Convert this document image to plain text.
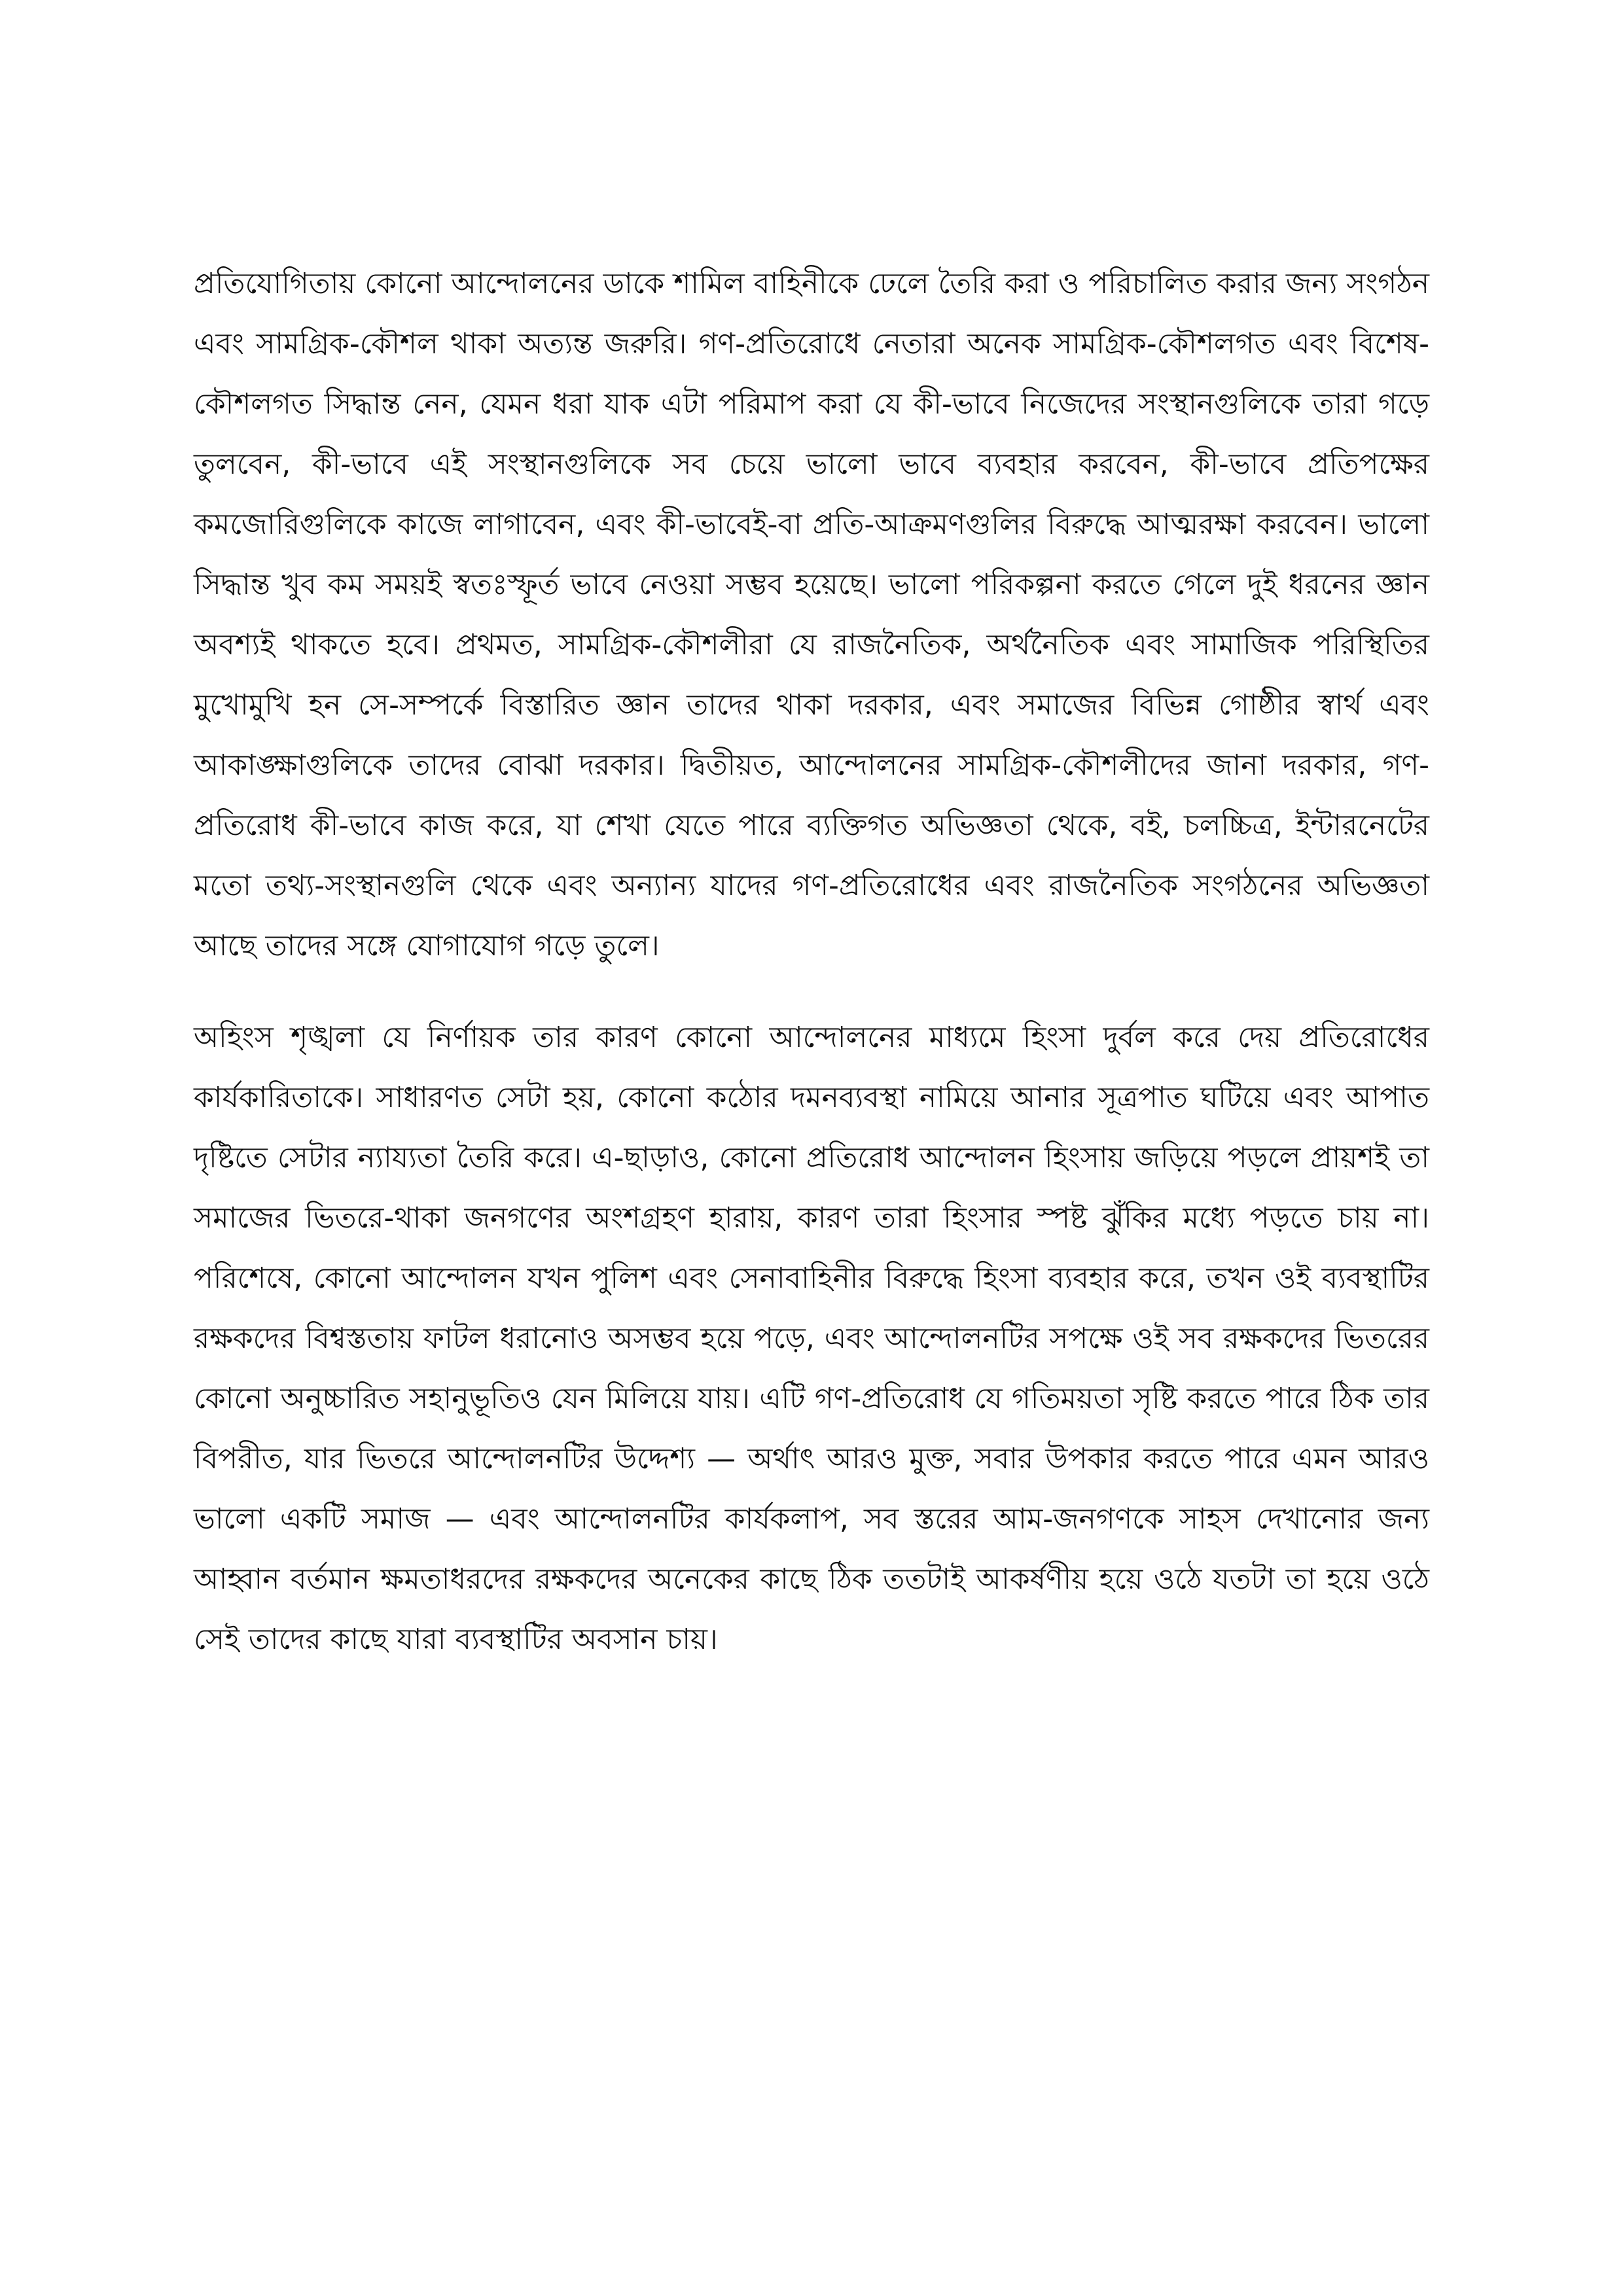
প্রতিযোগিতায় কোনো আন্দোলনের ডাকে শামিল বাহিনীকে ঢেলে তৈরি করা ও পরিচালিত করার জন্য সংগঠন এবং সামগ্রিক-কৌশল থাকা অত্যন্ত জরুরি। গণ-প্রতিরোধে নেতারা অনেক সামগ্রিক-কৌশলগত এবং বিশেষ-কৌশলগত সিদ্ধান্ত নেন, যেমন ধরা যাক এটা পরিমাপ করা যে কী-ভাবে নিজেদের সংস্থানগুলিকে তারা গড়ে তুলবেন, কী-ভাবে এই সংস্থানগুলিকে সব চেয়ে ভালো ভাবে ব্যবহার করবেন, কী-ভাবে প্রতিপক্ষের কমজোরিগুলিকে কাজে লাগাবেন, এবং কী-ভাবেই-বা প্রতি-আক্রমণগুলির বিরুদ্ধে আত্মরক্ষা করবেন। ভালো সিদ্ধান্ত খুব কম সময়ই স্বতঃস্ফূর্ত ভাবে নেওয়া সম্ভব হয়েছে। ভালো পরিকল্পনা করতে গেলে দুই ধরনের জ্ঞান অবশ্যই থাকতে হবে। প্রথমত, সামগ্রিক-কৌশলীরা যে রাজনৈতিক, অর্থনৈতিক এবং সামাজিক পরিস্থিতির মুখোমুখি হন সে-সম্পর্কে বিস্তারিত জ্ঞান তাদের থাকা দরকার, এবং সমাজের বিভিন্ন গোষ্ঠীর স্বার্থ এবং আকাঙ্ক্ষাগুলিকে তাদের বোঝা দরকার। দ্বিতীয়ত, আন্দোলনের সামগ্রিক-কৌশলীদের জানা দরকার, গণ-প্রতিরোধ কী-ভাবে কাজ করে, যা শেখা যেতে পারে ব্যক্তিগত অভিজ্ঞতা থেকে, বই, চলচ্চিত্র, ইন্টারনেটের মতো তথ্য-সংস্থানগুলি থেকে এবং অন্যান্য যাদের গণ-প্রতিরোধের এবং রাজনৈতিক সংগঠনের অভিজ্ঞতা আছে তাদের সঙ্গে যোগাযোগ গড়ে তুলে।

অহিংস শৃঙ্খলা যে নির্ণায়ক তার কারণ কোনো আন্দোলনের মাধ্যমে হিংসা দুর্বল করে দেয় প্রতিরোধের কার্যকারিতাকে। সাধারণত সেটা হয়, কোনো কঠোর দমনব্যবস্থা নামিয়ে আনার সূত্রপাত ঘটিয়ে এবং আপাত দৃষ্টিতে সেটার ন্যায্যতা তৈরি করে। এ-ছাড়াও, কোনো প্রতিরোধ আন্দোলন হিংসায় জড়িয়ে পড়লে প্রায়শই তা সমাজের ভিতরে-থাকা জনগণের অংশগ্রহণ হারায়, কারণ তারা হিংসার স্পষ্ট ঝুঁকির মধ্যে পড়তে চায় না। পরিশেষে, কোনো আন্দোলন যখন পুলিশ এবং সেনাবাহিনীর বিরুদ্ধে হিংসা ব্যবহার করে, তখন ওই ব্যবস্থাটির রক্ষকদের বিশ্বস্ততায় ফাটল ধরানোও অসম্ভব হয়ে পড়ে, এবং আন্দোলনটির সপক্ষে ওই সব রক্ষকদের ভিতরের কোনো অনুচ্চারিত সহানুভূতিও যেন মিলিয়ে যায়। এটি গণ-প্রতিরোধ যে গতিময়তা সৃষ্টি করতে পারে ঠিক তার বিপরীত, যার ভিতরে আন্দোলনটির উদ্দেশ্য — অর্থাৎ আরও মুক্ত, সবার উপকার করতে পারে এমন আরও ভালো একটি সমাজ — এবং আন্দোলনটির কার্যকলাপ, সব স্তরের আম-জনগণকে সাহস দেখানোর জন্য আহ্বান বর্তমান ক্ষমতাধরদের রক্ষকদের অনেকের কাছে ঠিক ততটাই আকর্ষণীয় হয়ে ওঠে যতটা তা হয়ে ওঠে সেই তাদের কাছে যারা ব্যবস্থাটির অবসান চায়।
